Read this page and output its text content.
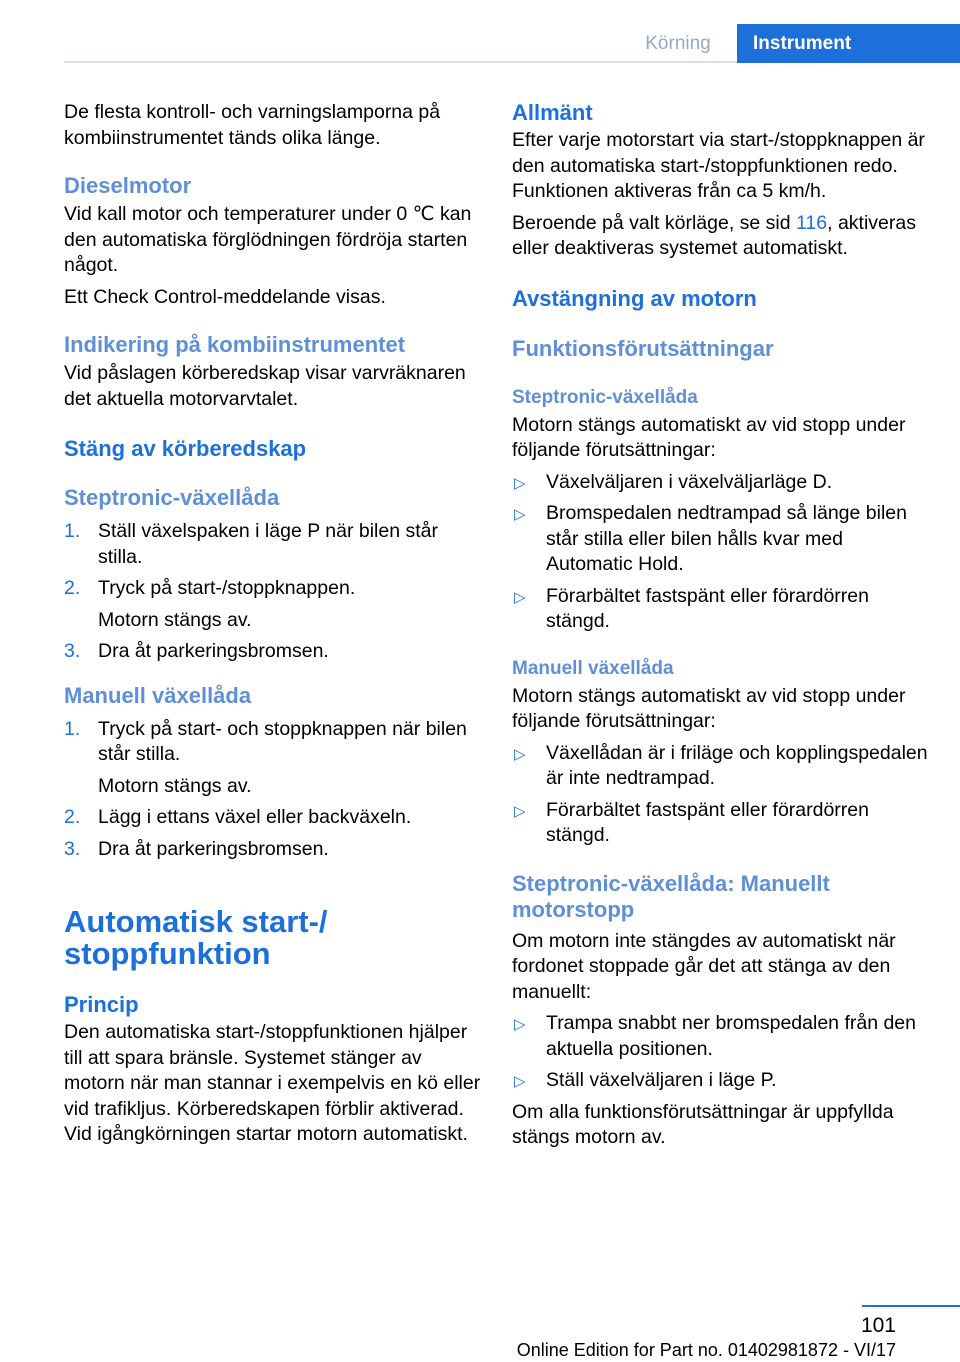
Körning	Instrument

De flesta kontroll- och varningslamporna på kombiinstrumentet tänds olika länge.

Dieselmotor

Vid kall motor och temperaturer under 0 ℃ kan den automatiska förglödningen fördröja starten något.

Ett Check Control-meddelande visas.

Indikering på kombiinstrumentet

Vid påslagen körberedskap visar varvräknaren det aktuella motorvarvtalet.

Stäng av körberedskap
Steptronic-växellåda
1. Ställ växelspaken i läge P när bilen står stilla.
2. Tryck på start-/stoppknappen.
Motorn stängs av.
3. Dra åt parkeringsbromsen.
Manuell växellåda
1. Tryck på start- och stoppknappen när bilen står stilla.
Motorn stängs av.
2. Lägg i ettans växel eller backväxeln.
3. Dra åt parkeringsbromsen.
Automatisk start-/
stoppfunktion
Princip

Den automatiska start-/stoppfunktionen hjälper till att spara bränsle. Systemet stänger av motorn när man stannar i exempelvis en kö eller vid trafikljus. Körberedskapen förblir aktiverad. Vid igångkörningen startar motorn automatiskt.

Allmänt

Efter varje motorstart via start-/stoppknappen är den automatiska start-/stoppfunktionen redo. Funktionen aktiveras från ca 5 km/h.

Beroende på valt körläge, se sid 116, aktiveras eller deaktiveras systemet automatiskt.

Avstängning av motorn
Funktionsförutsättningar
Steptronic-växellåda

Motorn stängs automatiskt av vid stopp under följande förutsättningar:

▷ Växelväljaren i växelväljarläge D.
▷ Bromspedalen nedtrampad så länge bilen står stilla eller bilen hålls kvar med Automatic Hold.
▷ Förarbältet fastspänt eller förardörren stängd.
Manuell växellåda

Motorn stängs automatiskt av vid stopp under följande förutsättningar:

▷ Växellådan är i friläge och kopplingspedalen är inte nedtrampad.
▷ Förarbältet fastspänt eller förardörren stängd.
Steptronic-växellåda: Manuellt motorstopp

Om motorn inte stängdes av automatiskt när fordonet stoppade går det att stänga av den manuellt:

▷ Trampa snabbt ner bromspedalen från den aktuella positionen.
▷ Ställ växelväljaren i läge P.

Om alla funktionsförutsättningar är uppfyllda stängs motorn av.

101
Online Edition for Part no. 01402981872 - VI/17
